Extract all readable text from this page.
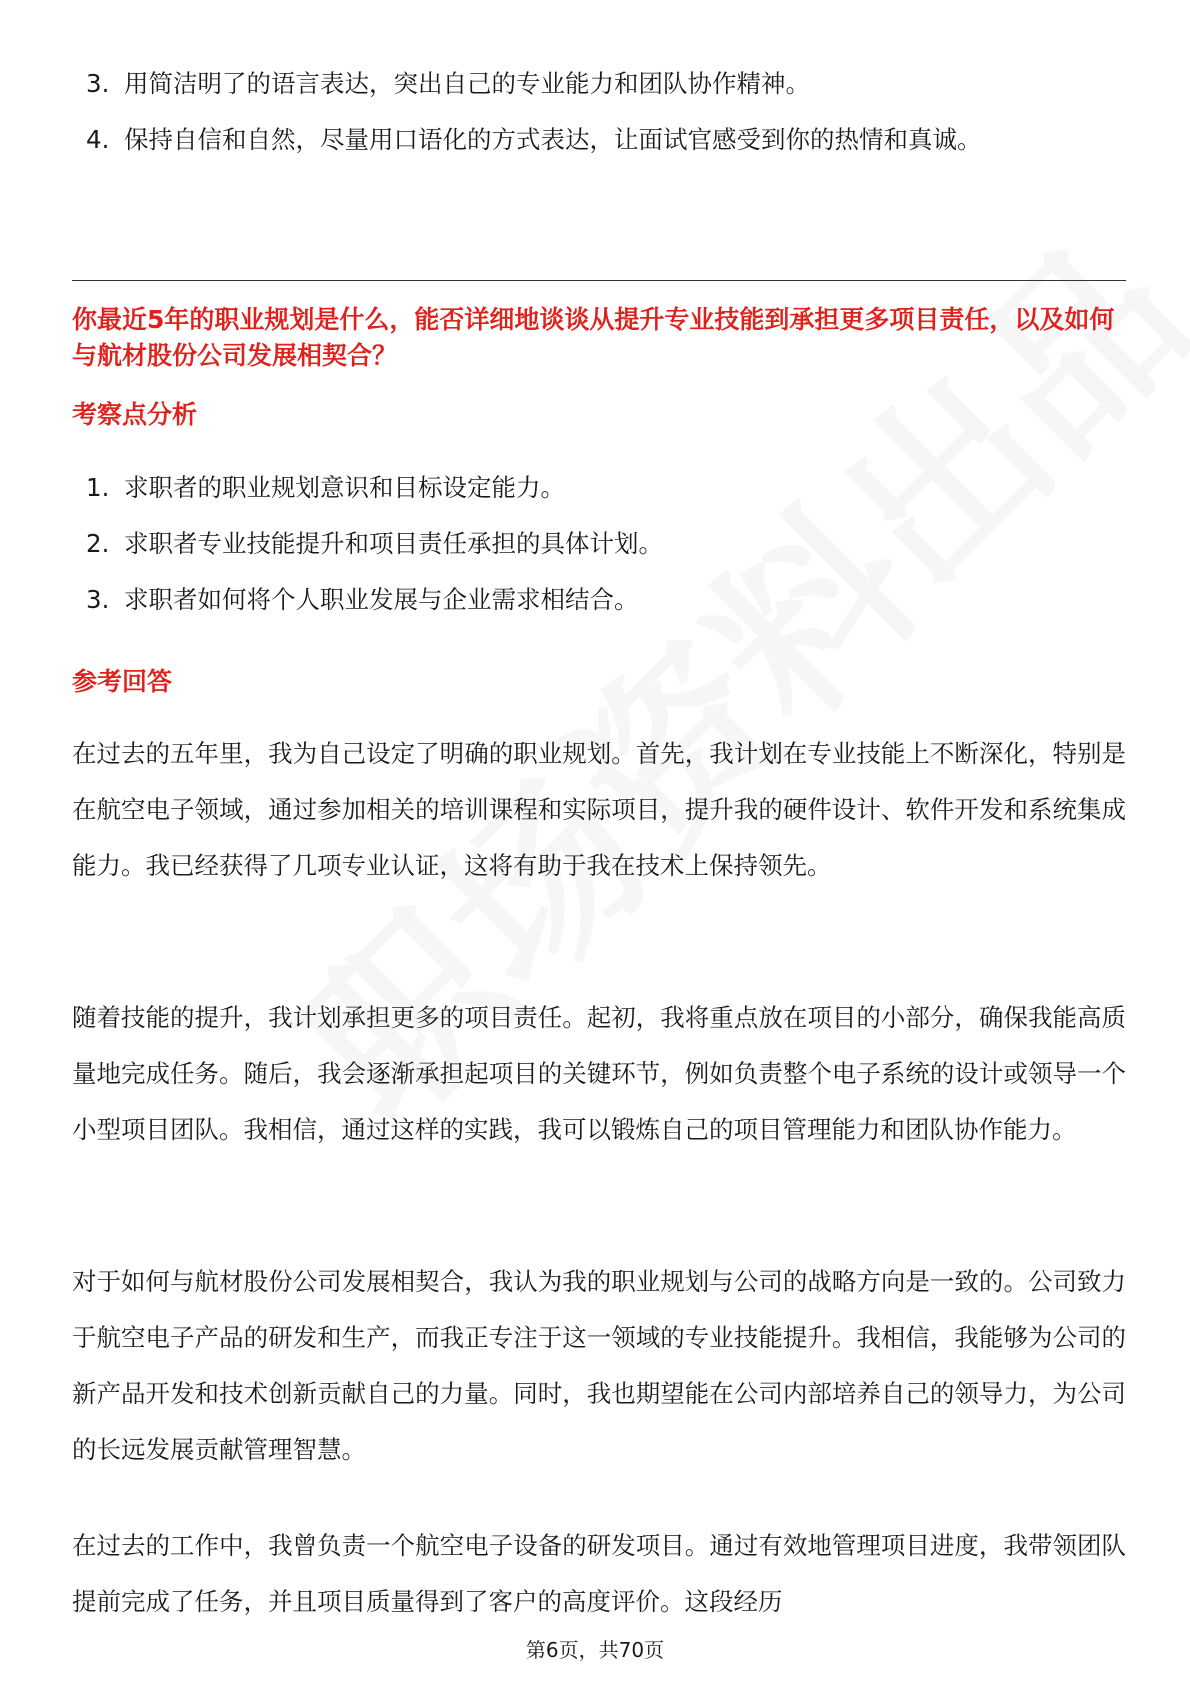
3. 用简洁明了的语言表达，突出自己的专业能力和团队协作精神。
4. 保持自信和自然，尽量用口语化的方式表达，让面试官感受到你的热情和真诚。
你最近5年的职业规划是什么，能否详细地谈谈从提升专业技能到承担更多项目责任，以及如何与航材股份公司发展相契合？
考察点分析
1. 求职者的职业规划意识和目标设定能力。
2. 求职者专业技能提升和项目责任承担的具体计划。
3. 求职者如何将个人职业发展与企业需求相结合。
参考回答

在过去的五年里，我为自己设定了明确的职业规划。首先，我计划在专业技能上不断深化，特别是在航空电子领域，通过参加相关的培训课程和实际项目，提升我的硬件设计、软件开发和系统集成能力。我已经获得了几项专业认证，这将有助于我在技术上保持领先。

随着技能的提升，我计划承担更多的项目责任。起初，我将重点放在项目的小部分，确保我能高质量地完成任务。随后，我会逐渐承担起项目的关键环节，例如负责整个电子系统的设计或领导一个小型项目团队。我相信，通过这样的实践，我可以锻炼自己的项目管理能力和团队协作能力。

对于如何与航材股份公司发展相契合，我认为我的职业规划与公司的战略方向是一致的。公司致力于航空电子产品的研发和生产，而我正专注于这一领域的专业技能提升。我相信，我能够为公司的新产品开发和技术创新贡献自己的力量。同时，我也期望能在公司内部培养自己的领导力，为公司的长远发展贡献管理智慧。

在过去的工作中，我曾负责一个航空电子设备的研发项目。通过有效地管理项目进度，我带领团队提前完成了任务，并且项目质量得到了客户的高度评价。这段经历

第6页，共70页
